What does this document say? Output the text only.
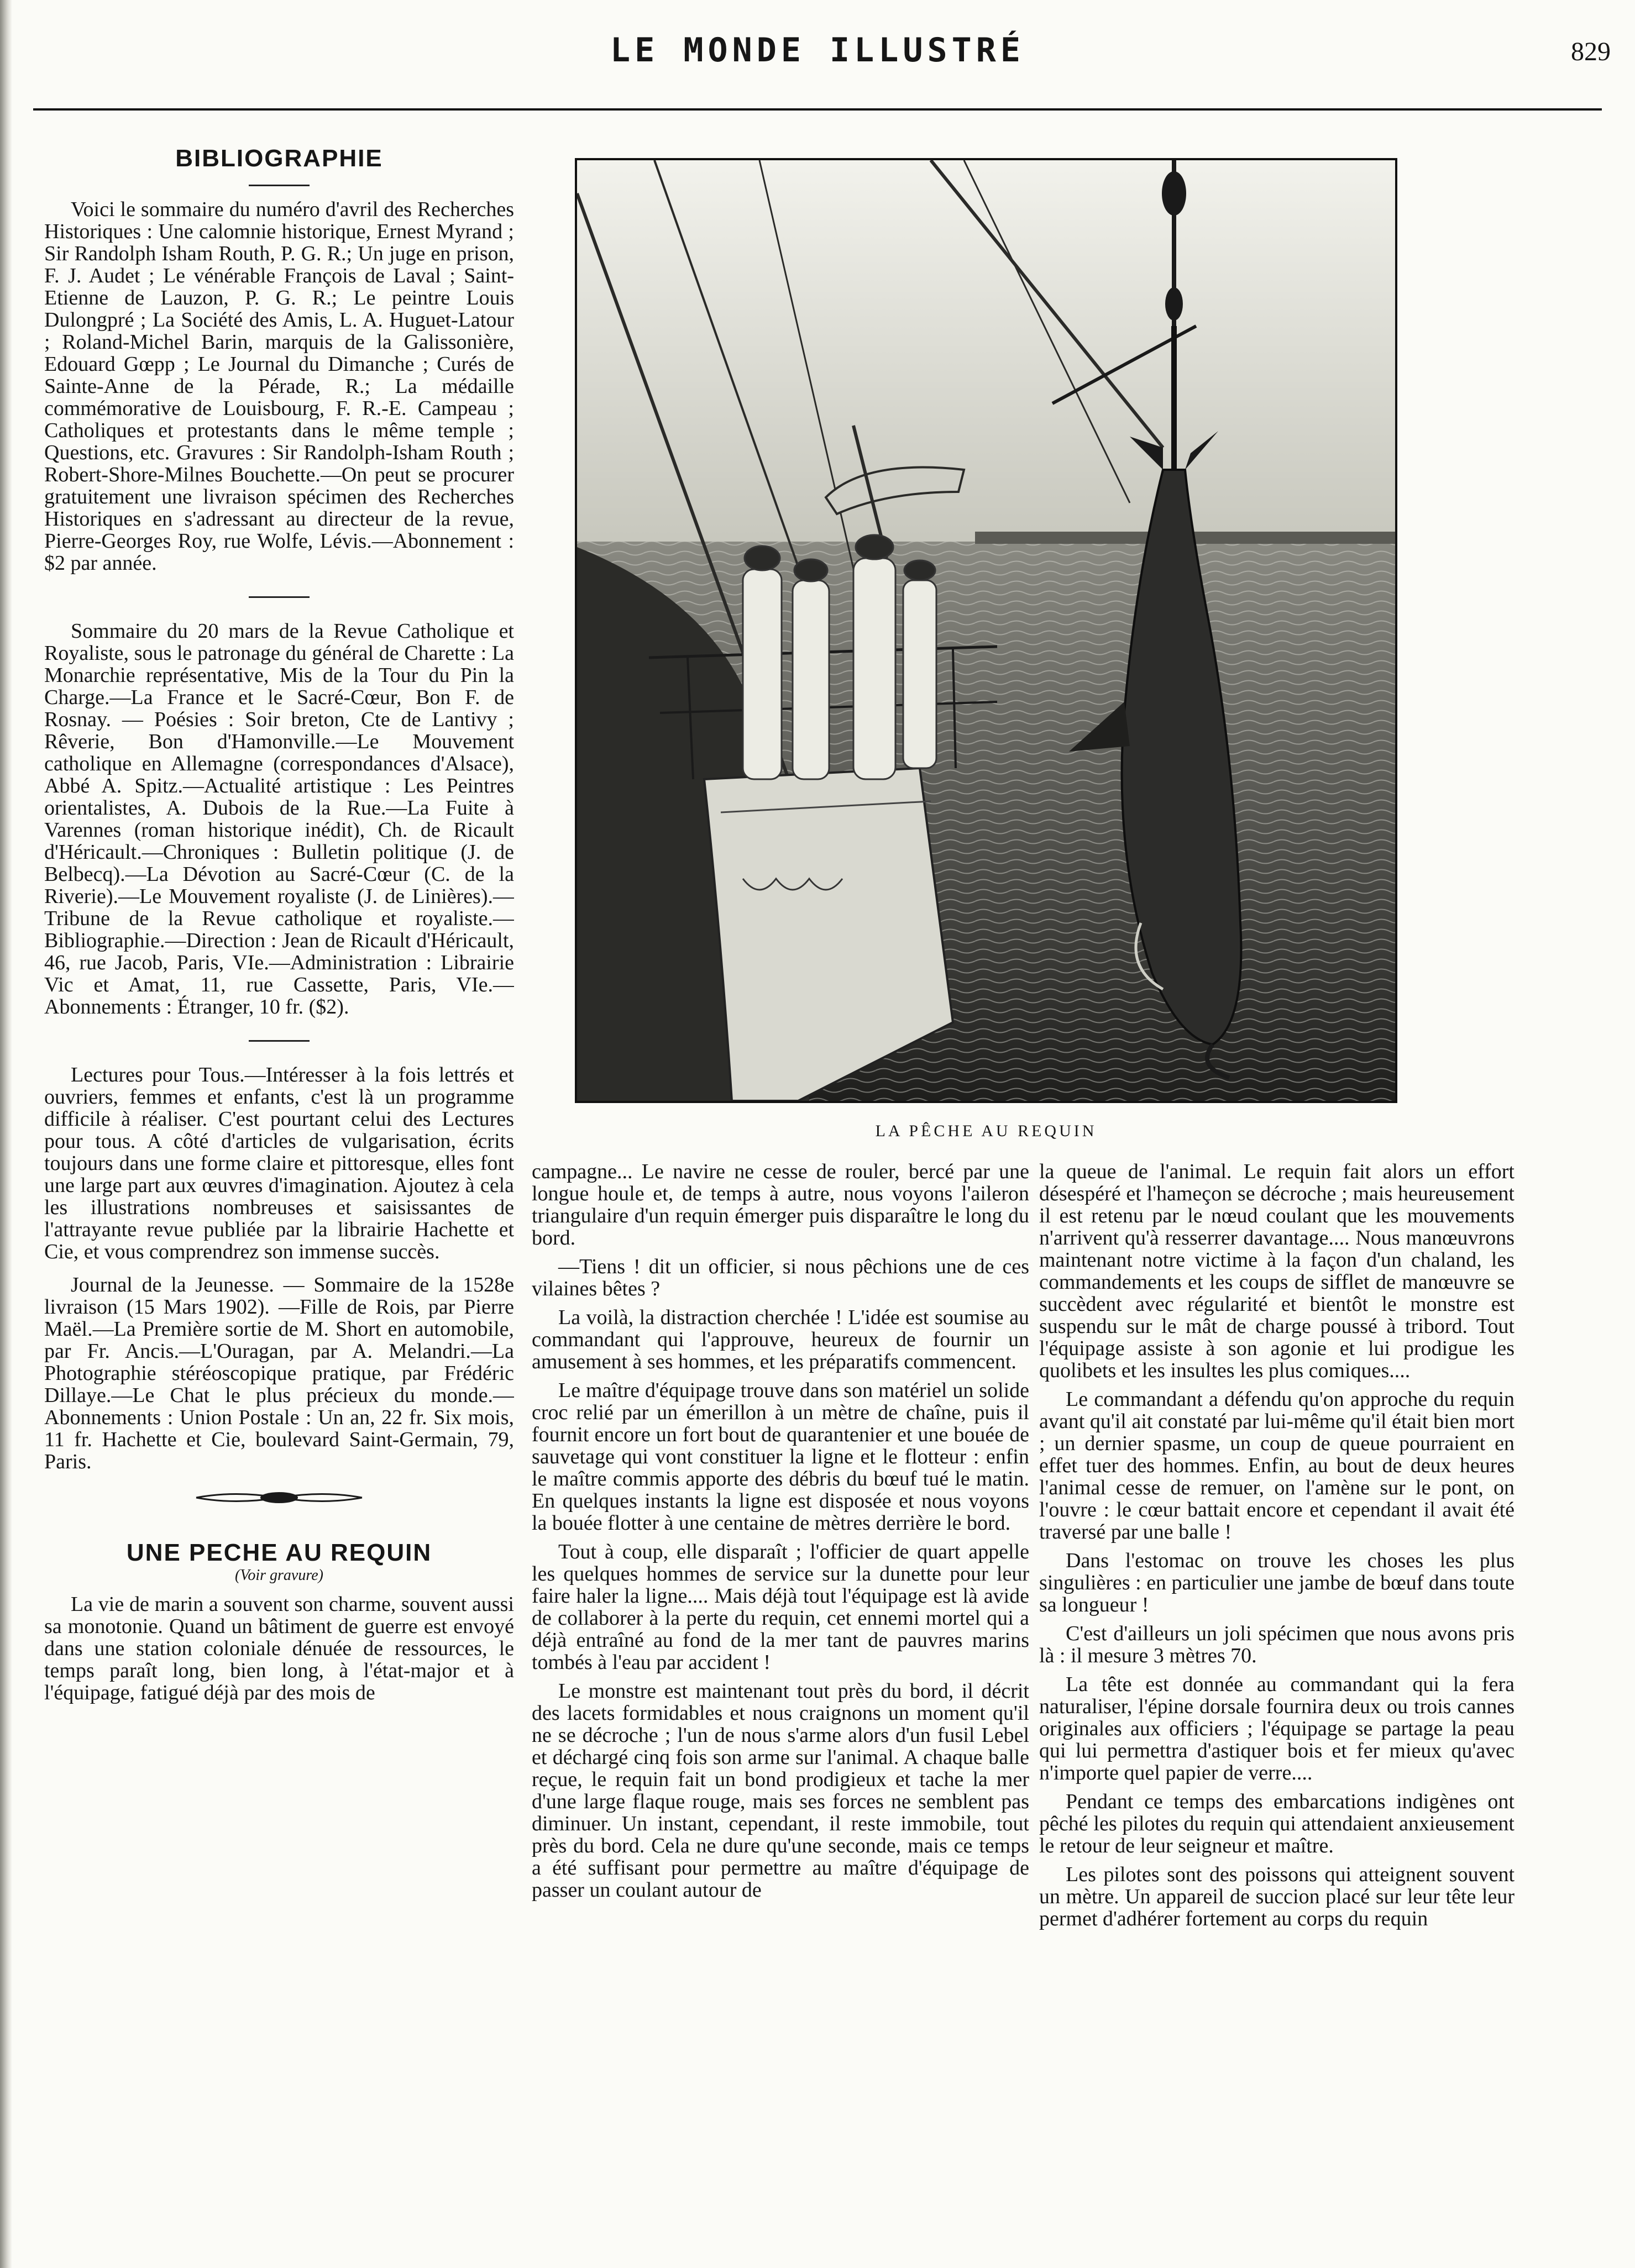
LE MONDE ILLUSTRÉ	829
BIBLIOGRAPHIE

Voici le sommaire du numéro d'avril des Recherches Historiques : Une calomnie historique, Ernest Myrand ; Sir Randolph Isham Routh, P. G. R.; Un juge en prison, F. J. Audet ; Le vénérable François de Laval ; Saint-Etienne de Lauzon, P. G. R.; Le peintre Louis Dulongpré ; La Société des Amis, L. A. Huguet-Latour ; Roland-Michel Barin, marquis de la Galissonière, Edouard Gœpp ; Le Journal du Dimanche ; Curés de Sainte-Anne de la Pérade, R.; La médaille commémorative de Louisbourg, F. R.-E. Campeau ; Catholiques et protestants dans le même temple ; Questions, etc. Gravures : Sir Randolph-Isham Routh ; Robert-Shore-Milnes Bouchette.—On peut se procurer gratuitement une livraison spécimen des Recherches Historiques en s'adressant au directeur de la revue, Pierre-Georges Roy, rue Wolfe, Lévis.—Abonnement : $2 par année.

Sommaire du 20 mars de la Revue Catholique et Royaliste, sous le patronage du général de Charette : La Monarchie représentative, Mis de la Tour du Pin la Charge.—La France et le Sacré-Cœur, Bon F. de Rosnay. — Poésies : Soir breton, Cte de Lantivy ; Rêverie, Bon d'Hamonville.—Le Mouvement catholique en Allemagne (correspondances d'Alsace), Abbé A. Spitz.—Actualité artistique : Les Peintres orientalistes, A. Dubois de la Rue.—La Fuite à Varennes (roman historique inédit), Ch. de Ricault d'Héricault.—Chroniques : Bulletin politique (J. de Belbecq).—La Dévotion au Sacré-Cœur (C. de la Riverie).—Le Mouvement royaliste (J. de Linières).—Tribune de la Revue catholique et royaliste.—Bibliographie.—Direction : Jean de Ricault d'Héricault, 46, rue Jacob, Paris, VIe.—Administration : Librairie Vic et Amat, 11, rue Cassette, Paris, VIe.—Abonnements : Étranger, 10 fr. ($2).

Lectures pour Tous.—Intéresser à la fois lettrés et ouvriers, femmes et enfants, c'est là un programme difficile à réaliser. C'est pourtant celui des Lectures pour tous. A côté d'articles de vulgarisation, écrits toujours dans une forme claire et pittoresque, elles font une large part aux œuvres d'imagination. Ajoutez à cela les illustrations nombreuses et saisissantes de l'attrayante revue publiée par la librairie Hachette et Cie, et vous comprendrez son immense succès.

Journal de la Jeunesse. — Sommaire de la 1528e livraison (15 Mars 1902). —Fille de Rois, par Pierre Maël.—La Première sortie de M. Short en automobile, par Fr. Ancis.—L'Ouragan, par A. Melandri.—La Photographie stéréoscopique pratique, par Frédéric Dillaye.—Le Chat le plus précieux du monde.—Abonnements : Union Postale : Un an, 22 fr. Six mois, 11 fr. Hachette et Cie, boulevard Saint-Germain, 79, Paris.

UNE PECHE AU REQUIN

(Voir gravure)

La vie de marin a souvent son charme, souvent aussi sa monotonie. Quand un bâtiment de guerre est envoyé dans une station coloniale dénuée de ressources, le temps paraît long, bien long, à l'état-major et à l'équipage, fatigué déjà par des mois de

LA PÊCHE AU REQUIN

campagne... Le navire ne cesse de rouler, bercé par une longue houle et, de temps à autre, nous voyons l'aileron triangulaire d'un requin émerger puis disparaître le long du bord.

—Tiens ! dit un officier, si nous pêchions une de ces vilaines bêtes ?

La voilà, la distraction cherchée ! L'idée est soumise au commandant qui l'approuve, heureux de fournir un amusement à ses hommes, et les préparatifs commencent.

Le maître d'équipage trouve dans son matériel un solide croc relié par un émerillon à un mètre de chaîne, puis il fournit encore un fort bout de quarantenier et une bouée de sauvetage qui vont constituer la ligne et le flotteur : enfin le maître commis apporte des débris du bœuf tué le matin. En quelques instants la ligne est disposée et nous voyons la bouée flotter à une centaine de mètres derrière le bord.

Tout à coup, elle disparaît ; l'officier de quart appelle les quelques hommes de service sur la dunette pour leur faire haler la ligne.... Mais déjà tout l'équipage est là avide de collaborer à la perte du requin, cet ennemi mortel qui a déjà entraîné au fond de la mer tant de pauvres marins tombés à l'eau par accident !

Le monstre est maintenant tout près du bord, il décrit des lacets formidables et nous craignons un moment qu'il ne se décroche ; l'un de nous s'arme alors d'un fusil Lebel et déchargé cinq fois son arme sur l'animal. A chaque balle reçue, le requin fait un bond prodigieux et tache la mer d'une large flaque rouge, mais ses forces ne semblent pas diminuer. Un instant, cependant, il reste immobile, tout près du bord. Cela ne dure qu'une seconde, mais ce temps a été suffisant pour permettre au maître d'équipage de passer un coulant autour de

la queue de l'animal. Le requin fait alors un effort désespéré et l'hameçon se décroche ; mais heureusement il est retenu par le nœud coulant que les mouvements n'arrivent qu'à resserrer davantage.... Nous manœuvrons maintenant notre victime à la façon d'un chaland, les commandements et les coups de sifflet de manœuvre se succèdent avec régularité et bientôt le monstre est suspendu sur le mât de charge poussé à tribord. Tout l'équipage assiste à son agonie et lui prodigue les quolibets et les insultes les plus comiques....

Le commandant a défendu qu'on approche du requin avant qu'il ait constaté par lui-même qu'il était bien mort ; un dernier spasme, un coup de queue pourraient en effet tuer des hommes. Enfin, au bout de deux heures l'animal cesse de remuer, on l'amène sur le pont, on l'ouvre : le cœur battait encore et cependant il avait été traversé par une balle !

Dans l'estomac on trouve les choses les plus singulières : en particulier une jambe de bœuf dans toute sa longueur !

C'est d'ailleurs un joli spécimen que nous avons pris là : il mesure 3 mètres 70.

La tête est donnée au commandant qui la fera naturaliser, l'épine dorsale fournira deux ou trois cannes originales aux officiers ; l'équipage se partage la peau qui lui permettra d'astiquer bois et fer mieux qu'avec n'importe quel papier de verre....

Pendant ce temps des embarcations indigènes ont pêché les pilotes du requin qui attendaient anxieusement le retour de leur seigneur et maître.

Les pilotes sont des poissons qui atteignent souvent un mètre. Un appareil de succion placé sur leur tête leur permet d'adhérer fortement au corps du requin
